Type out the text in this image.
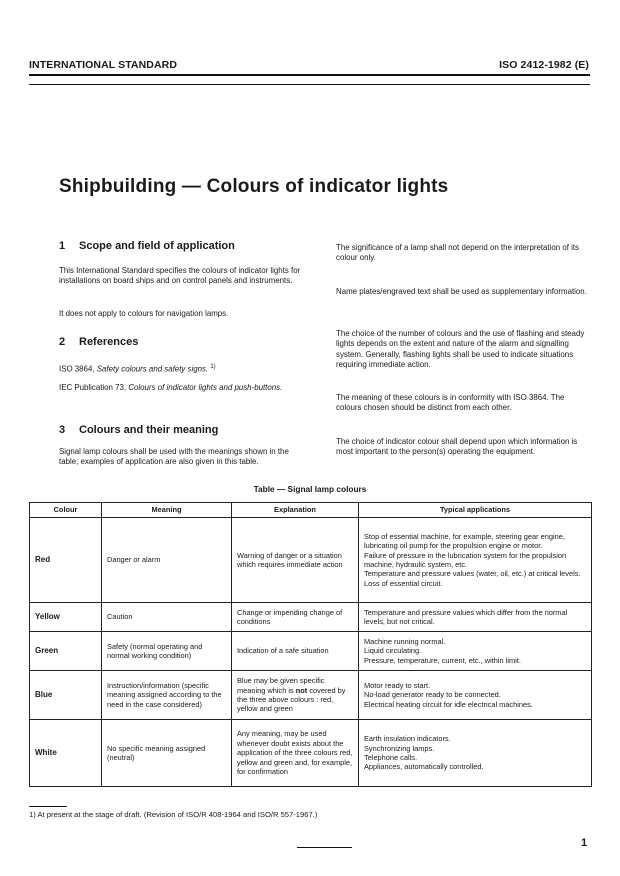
INTERNATIONAL STANDARD	ISO 2412-1982 (E)
Shipbuilding — Colours of indicator lights
1 Scope and field of application

This International Standard specifies the colours of indicator lights for installations on board ships and on control panels and instruments.

It does not apply to colours for navigation lamps.

2 References

ISO 3864, Safety colours and safety signs. $^{1)}$

IEC Publication 73, Colours of indicator lights and push-buttons.

3 Colours and their meaning

Signal lamp colours shall be used with the meanings shown in the table; examples of application are also given in this table.

The significance of a lamp shall not depend on the interpretation of its colour only.

Name plates/engraved text shall be used as supplementary information.

The choice of the number of colours and the use of flashing and steady lights depends on the extent and nature of the alarm and signalling system. Generally, flashing lights shall be used to indicate situations requiring immediate action.

The meaning of these colours is in conformity with ISO 3864. The colours chosen should be distinct from each other.

The choice of indicator colour shall depend upon which information is most important to the person(s) operating the equipment.

Table — Signal lamp colours
Colour	Meaning	Explanation	Typical applications
Red	Danger or alarm	Warning of danger or a situation which requires immediate action	Stop of essential machine, for example, steering gear engine, lubricating oil pump for the propulsion engine or motor.
Failure of pressure in the lubrication system for the propulsion machine, hydraulic system, etc.
Temperature and pressure values (water, oil, etc.) at critical levels.
Loss of essential circuit.

Yellow	Caution	Change or impending change of conditions	Temperature and pressure values which differ from the normal levels, but not critical.
Green	Safety (normal operating and normal working condition)	Indication of a safe situation	Machine running normal.
Liquid circulating.
Pressure, temperature, current, etc., within limit.

Blue	Instruction/information (specific meaning assigned according to the need in the case considered)	Blue may be given specific meaning which is not covered by the three above colours : red, yellow and green	Motor ready to start.
No-load generator ready to be connected.
Electrical heating circuit for idle electrical machines.

White	No specific meaning assigned (neutral)	Any meaning, may be used whenever doubt exists about the application of the three colours red, yellow and green and, for example, for confirmation	Earth insulation indicators.
Synchronizing lamps.
Telephone calls.
Appliances, automatically controlled.
1) At present at the stage of draft. (Revision of ISO/R 408-1964 and ISO/R 557-1967.)
1
